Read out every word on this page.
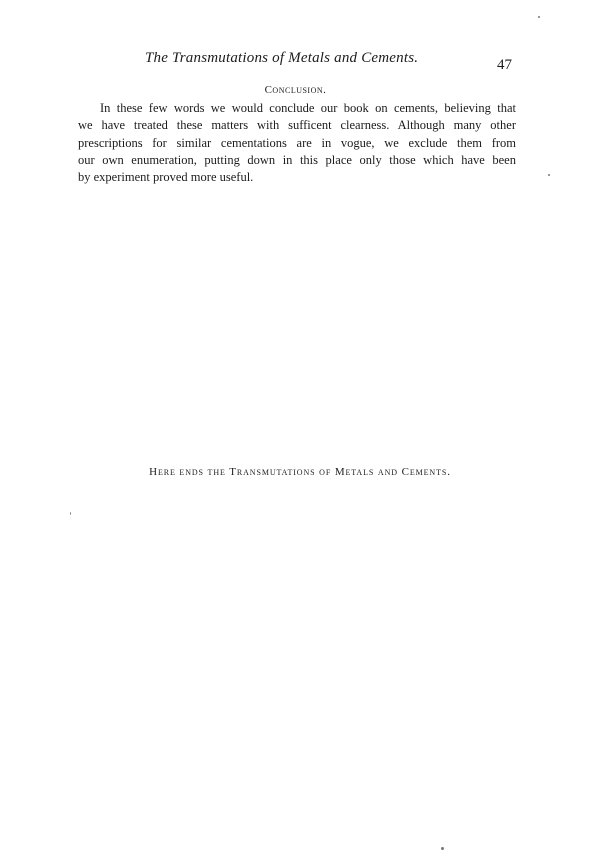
The Transmutations of Metals and Cements.	47
Conclusion.

In these few words we would conclude our book on cements, believing that
we have treated these matters with sufficent clearness. Although many other
prescriptions for similar cementations are in vogue, we exclude them from
our own enumeration, putting down in this place only those which have been
by experiment proved more useful.

Here ends the Transmutations of Metals and Cements.
